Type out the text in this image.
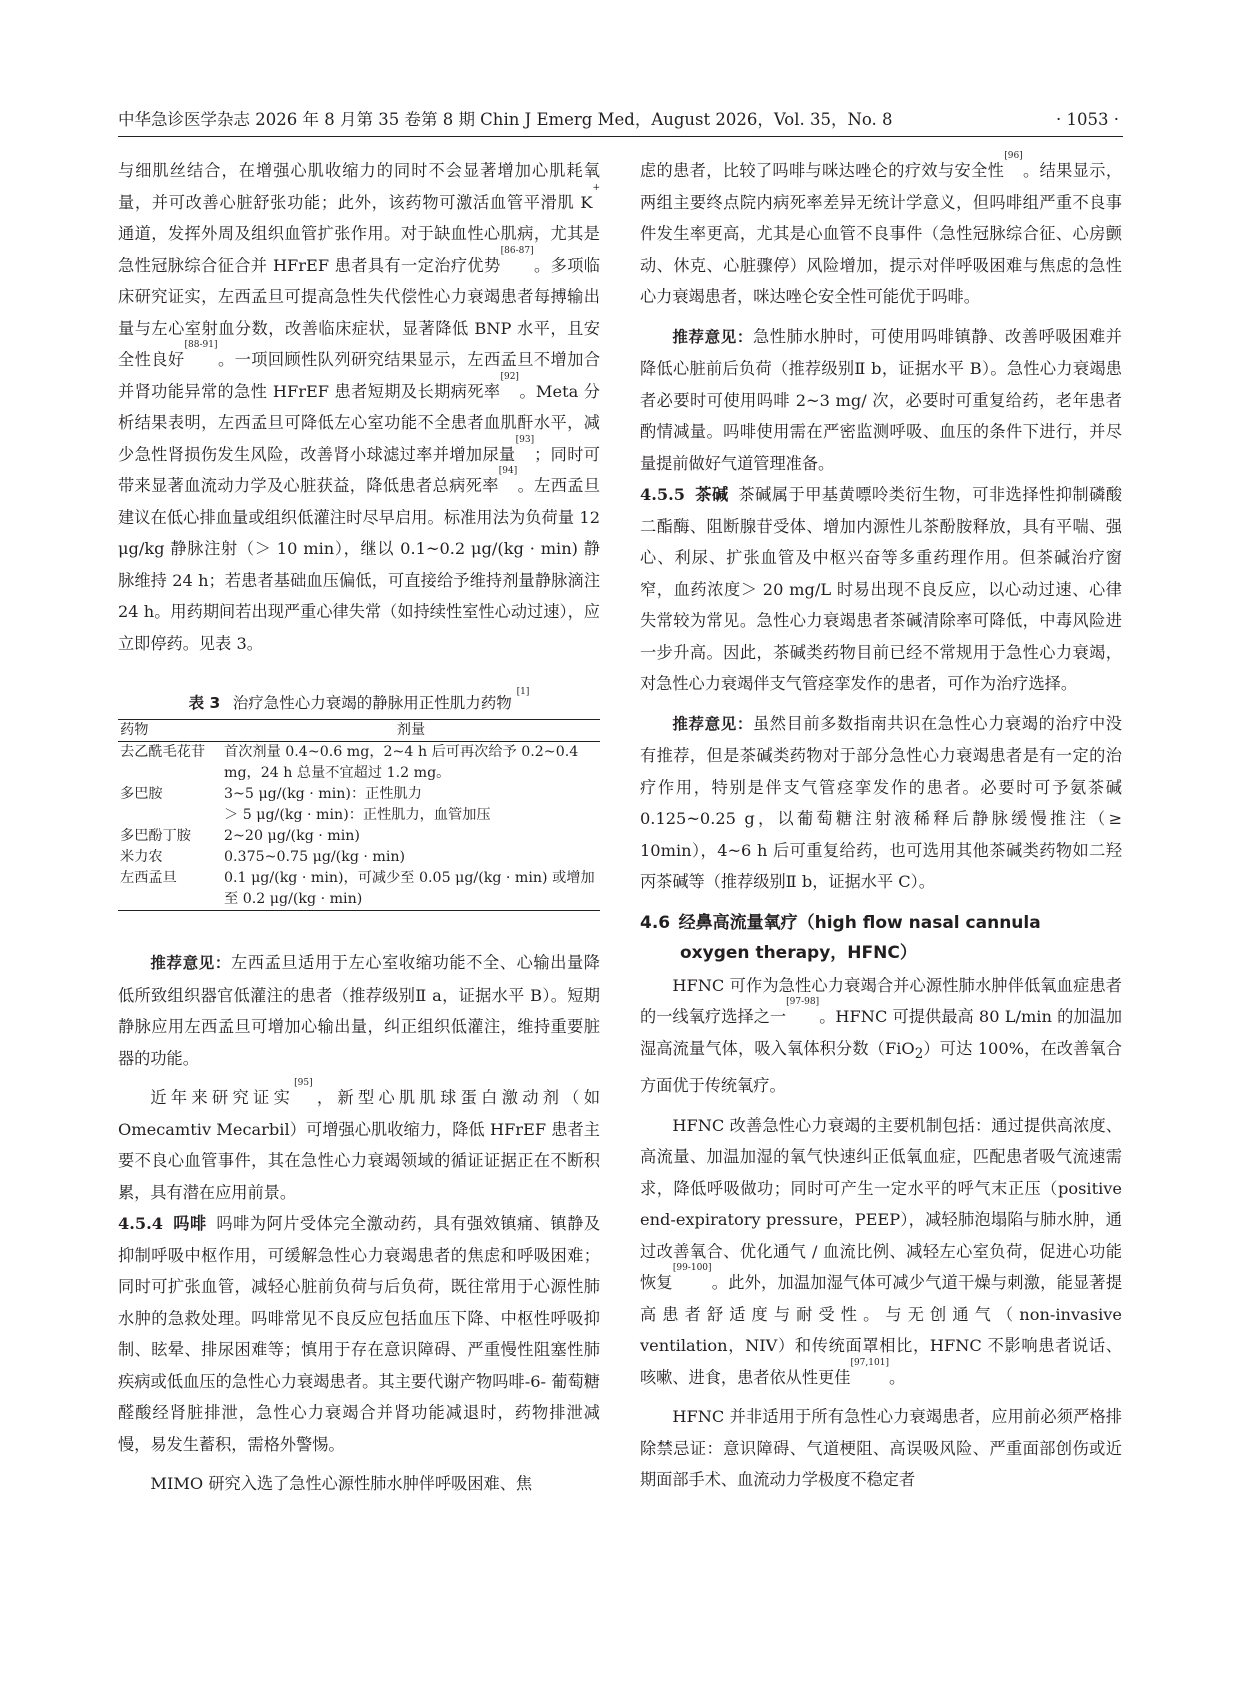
中华急诊医学杂志 2026 年 8 月第 35 卷第 8 期 Chin J Emerg Med，August 2026，Vol. 35，No. 8	· 1053 ·

与细肌丝结合，在增强心肌收缩力的同时不会显著增加心肌耗氧量，并可改善心脏舒张功能；此外，该药物可激活血管平滑肌 K+ 通道，发挥外周及组织血管扩张作用。对于缺血性心肌病，尤其是急性冠脉综合征合并 HFrEF 患者具有一定治疗优势[86-87]。多项临床研究证实，左西孟旦可提高急性失代偿性心力衰竭患者每搏输出量与左心室射血分数，改善临床症状，显著降低 BNP 水平，且安全性良好[88-91]。一项回顾性队列研究结果显示，左西孟旦不增加合并肾功能异常的急性 HFrEF 患者短期及长期病死率[92]。Meta 分析结果表明，左西孟旦可降低左心室功能不全患者血肌酐水平，减少急性肾损伤发生风险，改善肾小球滤过率并增加尿量[93]；同时可带来显著血流动力学及心脏获益，降低患者总病死率[94]。左西孟旦建议在低心排血量或组织低灌注时尽早启用。标准用法为负荷量 12 μg/kg 静脉注射（＞ 10 min），继以 0.1~0.2 μg/(kg · min) 静脉维持 24 h；若患者基础血压偏低，可直接给予维持剂量静脉滴注 24 h。用药期间若出现严重心律失常（如持续性室性心动过速），应立即停药。见表 3。

表 3 治疗急性心力衰竭的静脉用正性肌力药物 [1]
药物	剂量
去乙酰毛花苷	首次剂量 0.4~0.6 mg，2~4 h 后可再次给予 0.2~0.4 mg，24 h 总量不宜超过 1.2 mg。
多巴胺	3~5 μg/(kg · min)：正性肌力
	＞ 5 μg/(kg · min)：正性肌力，血管加压
多巴酚丁胺	2~20 μg/(kg · min)
米力农	0.375~0.75 μg/(kg · min)
左西孟旦	0.1 μg/(kg · min)，可减少至 0.05 μg/(kg · min) 或增加至 0.2 μg/(kg · min)

推荐意见：左西孟旦适用于左心室收缩功能不全、心输出量降低所致组织器官低灌注的患者（推荐级别Ⅱ a，证据水平 B）。短期静脉应用左西孟旦可增加心输出量，纠正组织低灌注，维持重要脏器的功能。

近年来研究证实[95]，新型心肌肌球蛋白激动剂（如 Omecamtiv Mecarbil）可增强心肌收缩力，降低 HFrEF 患者主要不良心血管事件，其在急性心力衰竭领域的循证证据正在不断积累，具有潜在应用前景。

4.5.4 吗啡 吗啡为阿片受体完全激动药，具有强效镇痛、镇静及抑制呼吸中枢作用，可缓解急性心力衰竭患者的焦虑和呼吸困难；同时可扩张血管，减轻心脏前负荷与后负荷，既往常用于心源性肺水肿的急救处理。吗啡常见不良反应包括血压下降、中枢性呼吸抑制、眩晕、排尿困难等；慎用于存在意识障碍、严重慢性阻塞性肺疾病或低血压的急性心力衰竭患者。其主要代谢产物吗啡-6- 葡萄糖醛酸经肾脏排泄，急性心力衰竭合并肾功能减退时，药物排泄减慢，易发生蓄积，需格外警惕。

MIMO 研究入选了急性心源性肺水肿伴呼吸困难、焦

虑的患者，比较了吗啡与咪达唑仑的疗效与安全性[96]。结果显示，两组主要终点院内病死率差异无统计学意义，但吗啡组严重不良事件发生率更高，尤其是心血管不良事件（急性冠脉综合征、心房颤动、休克、心脏骤停）风险增加，提示对伴呼吸困难与焦虑的急性心力衰竭患者，咪达唑仑安全性可能优于吗啡。

推荐意见：急性肺水肿时，可使用吗啡镇静、改善呼吸困难并降低心脏前后负荷（推荐级别Ⅱ b，证据水平 B）。急性心力衰竭患者必要时可使用吗啡 2~3 mg/ 次，必要时可重复给药，老年患者酌情减量。吗啡使用需在严密监测呼吸、血压的条件下进行，并尽量提前做好气道管理准备。

4.5.5 茶碱 茶碱属于甲基黄嘌呤类衍生物，可非选择性抑制磷酸二酯酶、阻断腺苷受体、增加内源性儿茶酚胺释放，具有平喘、强心、利尿、扩张血管及中枢兴奋等多重药理作用。但茶碱治疗窗窄，血药浓度＞ 20 mg/L 时易出现不良反应，以心动过速、心律失常较为常见。急性心力衰竭患者茶碱清除率可降低，中毒风险进一步升高。因此，茶碱类药物目前已经不常规用于急性心力衰竭，对急性心力衰竭伴支气管痉挛发作的患者，可作为治疗选择。

推荐意见：虽然目前多数指南共识在急性心力衰竭的治疗中没有推荐，但是茶碱类药物对于部分急性心力衰竭患者是有一定的治疗作用，特别是伴支气管痉挛发作的患者。必要时可予氨茶碱 0.125~0.25 g，以葡萄糖注射液稀释后静脉缓慢推注（≥ 10min），4~6 h 后可重复给药，也可选用其他茶碱类药物如二羟丙茶碱等（推荐级别Ⅱ b，证据水平 C）。

4.6 经鼻高流量氧疗（high flow nasal cannula
oxygen therapy，HFNC）

HFNC 可作为急性心力衰竭合并心源性肺水肿伴低氧血症患者的一线氧疗选择之一[97-98]。HFNC 可提供最高 80 L/min 的加温加湿高流量气体，吸入氧体积分数（FiO$_2$）可达 100%，在改善氧合方面优于传统氧疗。

HFNC 改善急性心力衰竭的主要机制包括：通过提供高浓度、高流量、加温加湿的氧气快速纠正低氧血症，匹配患者吸气流速需求，降低呼吸做功；同时可产生一定水平的呼气末正压（positive end-expiratory pressure，PEEP），减轻肺泡塌陷与肺水肿，通过改善氧合、优化通气 / 血流比例、减轻左心室负荷，促进心功能恢复[99-100]。此外，加温加湿气体可减少气道干燥与刺激，能显著提高患者舒适度与耐受性。与无创通气（non-invasive ventilation，NIV）和传统面罩相比，HFNC 不影响患者说话、咳嗽、进食，患者依从性更佳[97,101]。

HFNC 并非适用于所有急性心力衰竭患者，应用前必须严格排除禁忌证：意识障碍、气道梗阻、高误吸风险、严重面部创伤或近期面部手术、血流动力学极度不稳定者
